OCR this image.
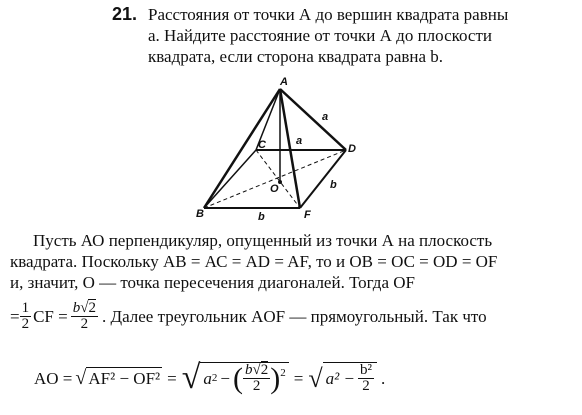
21. Расстояния от точки А до вершин квадрата равны
a. Найдите расстояние от точки А до плоскости
квадрата, если сторона квадрата равна b.
A
B
C	D
F
O
a
a
b
b
Пусть АО перпендикуляр, опущенный из точки А на плоскость
квадрата. Поскольку АВ = АС = AD = AF, то и ОВ = ОС = OD = OF
и, значит, О — точка пересечения диагоналей. Тогда OF
= $\frac{1}{2}$ CF = $\frac{b√2}{2}$ . Далее треугольник AOF — прямоугольный. Так что
AO = √ AF² − OF² = √ a 2 − ( $\frac{b√2}{2} )^2$ = √ $a^2 - \frac{\text{b²}}{2}$ .
